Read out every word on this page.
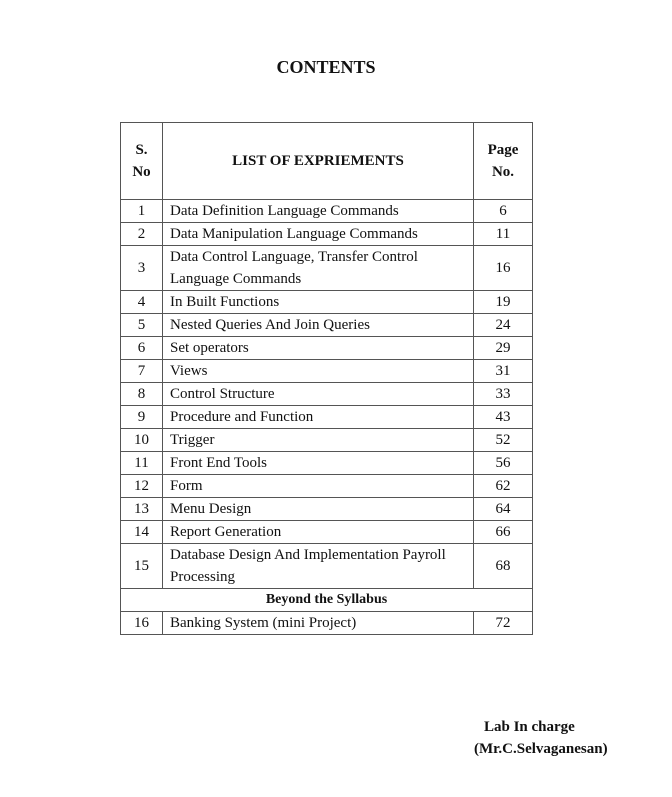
CONTENTS
S. No	LIST OF EXPRIEMENTS	Page No.
1	Data Definition Language Commands	6
2	Data Manipulation Language Commands	11
3	Data Control Language, Transfer Control Language Commands	16
4	In Built Functions	19
5	Nested Queries And Join Queries	24
6	Set operators	29
7	Views	31
8	Control Structure	33
9	Procedure and Function	43
10	Trigger	52
11	Front End Tools	56
12	Form	62
13	Menu Design	64
14	Report Generation	66
15	Database Design And Implementation Payroll Processing	68
Beyond the Syllabus		
16	Banking System (mini Project)	72
Lab In charge
(Mr.C.Selvaganesan)
